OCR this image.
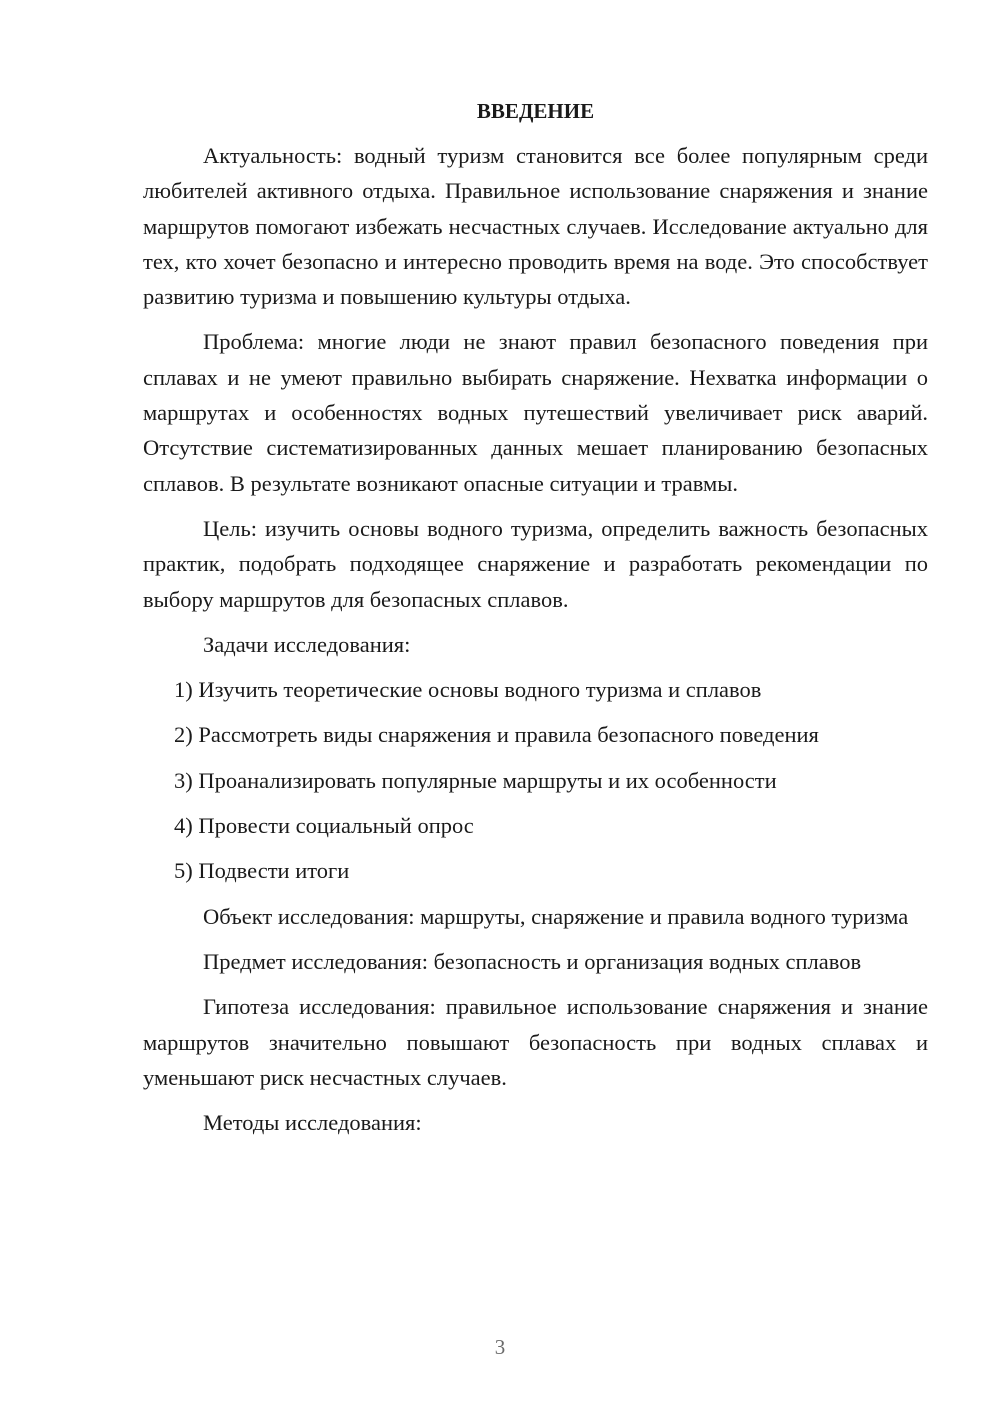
ВВЕДЕНИЕ

Актуальность: водный туризм становится все более популярным среди любителей активного отдыха. Правильное использование снаряжения и знание маршрутов помогают избежать несчастных случаев. Исследование актуально для тех, кто хочет безопасно и интересно проводить время на воде. Это способствует развитию туризма и повышению культуры отдыха.

Проблема: многие люди не знают правил безопасного поведения при сплавах и не умеют правильно выбирать снаряжение. Нехватка информации о маршрутах и особенностях водных путешествий увеличивает риск аварий. Отсутствие систематизированных данных мешает планированию безопасных сплавов. В результате возникают опасные ситуации и травмы.

Цель: изучить основы водного туризма, определить важность безопасных практик, подобрать подходящее снаряжение и разработать рекомендации по выбору маршрутов для безопасных сплавов.

Задачи исследования:

1) Изучить теоретические основы водного туризма и сплавов
2) Рассмотреть виды снаряжения и правила безопасного поведения
3) Проанализировать популярные маршруты и их особенности
4) Провести социальный опрос
5) Подвести итоги

Объект исследования: маршруты, снаряжение и правила водного туризма

Предмет исследования: безопасность и организация водных сплавов

Гипотеза исследования: правильное использование снаряжения и знание маршрутов значительно повышают безопасность при водных сплавах и уменьшают риск несчастных случаев.

Методы исследования:

3
